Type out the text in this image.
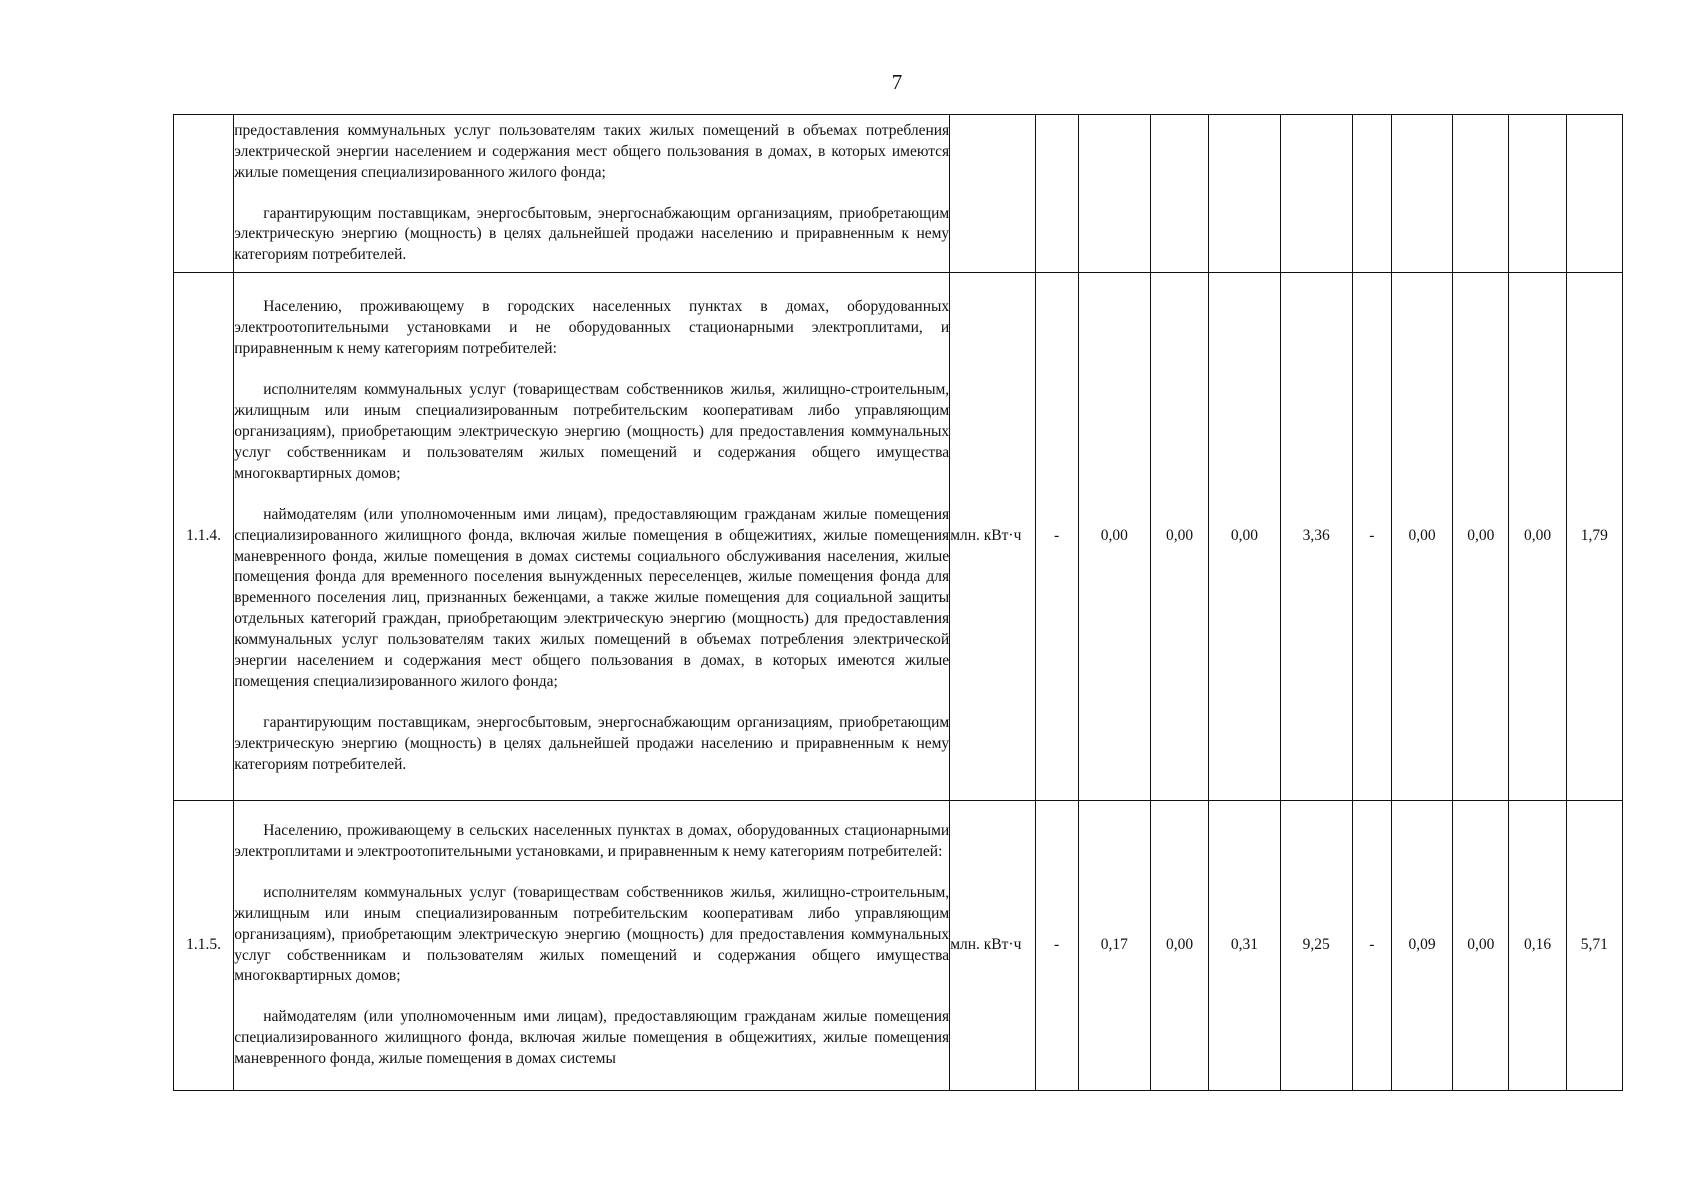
7

	предоставления коммунальных услуг пользователям таких жилых помещений в объемах потребления электрической энергии населением и содержания мест общего пользования в домах, в которых имеются жилые помещения специализированного жилого фонда;

гарантирующим поставщикам, энергосбытовым, энергоснабжающим организациям, приобретающим электрическую энергию (мощность) в целях дальнейшей продажи населению и приравненным к нему категориям потребителей.											

1.1.4.	Населению, проживающему в городских населенных пунктах в домах, оборудованных электроотопительными установками и не оборудованных стационарными электроплитами, и приравненным к нему категориям потребителей:

исполнителям коммунальных услуг (товариществам собственников жилья, жилищно-строительным, жилищным или иным специализированным потребительским кооперативам либо управляющим организациям), приобретающим электрическую энергию (мощность) для предоставления коммунальных услуг собственникам и пользователям жилых помещений и содержания общего имущества многоквартирных домов;

наймодателям (или уполномоченным ими лицам), предоставляющим гражданам жилые помещения специализированного жилищного фонда, включая жилые помещения в общежитиях, жилые помещения маневренного фонда, жилые помещения в домах системы социального обслуживания населения, жилые помещения фонда для временного поселения вынужденных переселенцев, жилые помещения фонда для временного поселения лиц, признанных беженцами, а также жилые помещения для социальной защиты отдельных категорий граждан, приобретающим электрическую энергию (мощность) для предоставления коммунальных услуг пользователям таких жилых помещений в объемах потребления электрической энергии населением и содержания мест общего пользования в домах, в которых имеются жилые помещения специализированного жилого фонда;

гарантирующим поставщикам, энергосбытовым, энергоснабжающим организациям, приобретающим электрическую энергию (мощность) в целях дальнейшей продажи населению и приравненным к нему категориям потребителей.	млн. кВт·ч	-	0,00	0,00	0,00	3,36	-	0,00	0,00	0,00	1,79
1.1.5.	Населению, проживающему в сельских населенных пунктах в домах, оборудованных стационарными электроплитами и электроотопительными установками, и приравненным к нему категориям потребителей:

исполнителям коммунальных услуг (товариществам собственников жилья, жилищно-строительным, жилищным или иным специализированным потребительским кооперативам либо управляющим организациям), приобретающим электрическую энергию (мощность) для предоставления коммунальных услуг собственникам и пользователям жилых помещений и содержания общего имущества многоквартирных домов;

наймодателям (или уполномоченным ими лицам), предоставляющим гражданам жилые помещения специализированного жилищного фонда, включая жилые помещения в общежитиях, жилые помещения маневренного фонда, жилые помещения в домах системы	млн. кВт·ч	-	0,17	0,00	0,31	9,25	-	0,09	0,00	0,16	5,71
